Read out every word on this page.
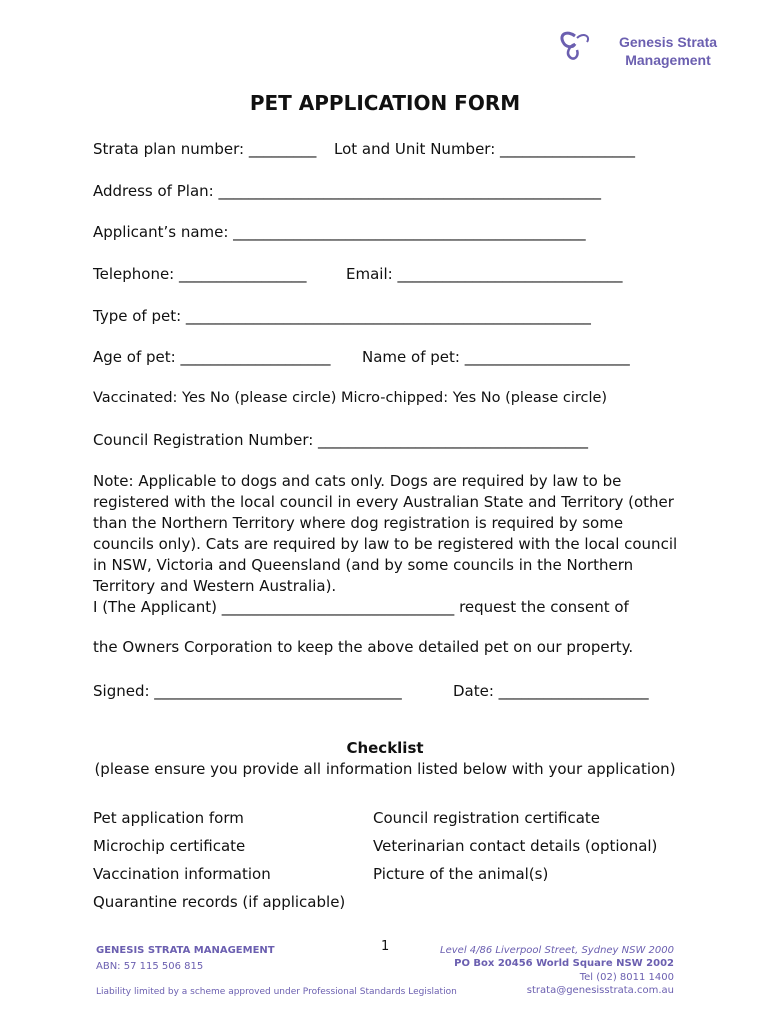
Genesis Strata
Management
PET APPLICATION FORM
Strata plan number: _________ Lot and Unit Number: __________________
Address of Plan: ___________________________________________________
Applicant’s name: _______________________________________________
Telephone: _________________	Email: ______________________________
Type of pet: ______________________________________________________
Age of pet: ____________________ Name of pet: ______________________
Vaccinated: Yes No (please circle) Micro-chipped: Yes No (please circle)
Council Registration Number: ____________________________________
Note: Applicable to dogs and cats only. Dogs are required by law to be registered with the local council in every Australian State and Territory (other than the Northern Territory where dog registration is required by some councils only). Cats are required by law to be registered with the local council in NSW, Victoria and Queensland (and by some councils in the Northern Territory and Western Australia).
I (The Applicant) _______________________________ request the consent of
the Owners Corporation to keep the above detailed pet on our property.
Signed: _________________________________	Date: ____________________
Checklist
(please ensure you provide all information listed below with your application)
Pet application form
Microchip certificate
Vaccination information
Quarantine records (if applicable)
Council registration certificate
Veterinarian contact details (optional)
Picture of the animal(s)
GENESIS STRATA MANAGEMENT
ABN: 57 115 506 815
Liability limited by a scheme approved under Professional Standards Legislation
1	Level 4/86 Liverpool Street, Sydney NSW 2000
PO Box 20456 World Square NSW 2002
Tel (02) 8011 1400
strata@genesisstrata.com.au
